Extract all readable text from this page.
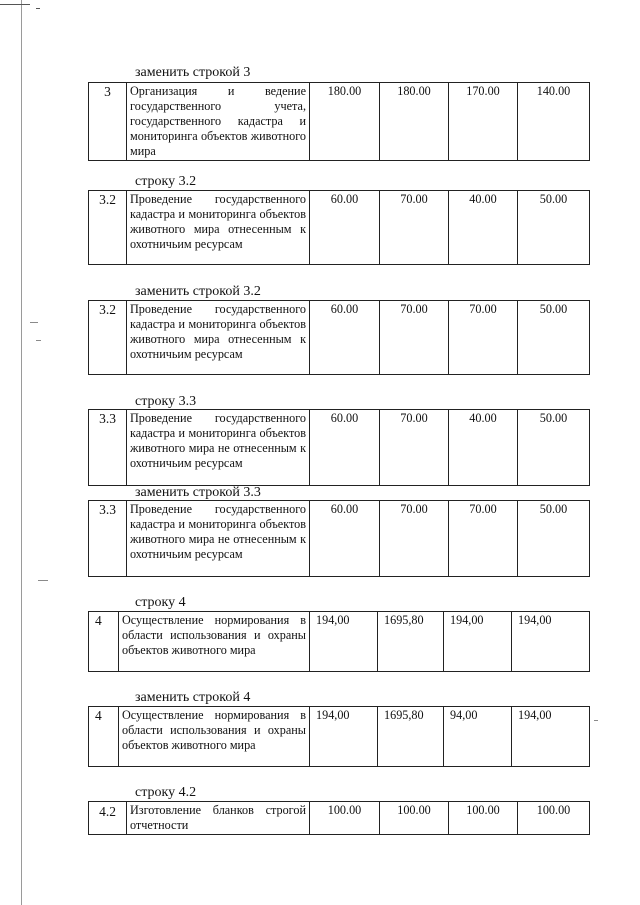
заменить строкой 3
3	Организация и ведение государственного учета, государственного кадастра и мониторинга объектов животного мира	180.00	180.00	170.00	140.00
строку 3.2
3.2	Проведение государственного кадастра и мониторинга объектов животного мира отнесенным к охотничьим ресурсам	60.00	70.00	40.00	50.00
заменить строкой 3.2
3.2	Проведение государственного кадастра и мониторинга объектов животного мира отнесенным к охотничьим ресурсам	60.00	70.00	70.00	50.00
строку 3.3
3.3	Проведение государственного кадастра и мониторинга объектов животного мира не отнесенным к охотничьим ресурсам	60.00	70.00	40.00	50.00
заменить строкой 3.3
3.3	Проведение государственного кадастра и мониторинга объектов животного мира не отнесенным к охотничьим ресурсам	60.00	70.00	70.00	50.00
строку 4
4	Осуществление нормирования в области использования и охраны объектов животного мира	194,00	1695,80	194,00	194,00
заменить строкой 4
4	Осуществление нормирования в области использования и охраны объектов животного мира	194,00	1695,80	94,00	194,00
строку 4.2
4.2	Изготовление бланков строгой отчетности	100.00	100.00	100.00	100.00
